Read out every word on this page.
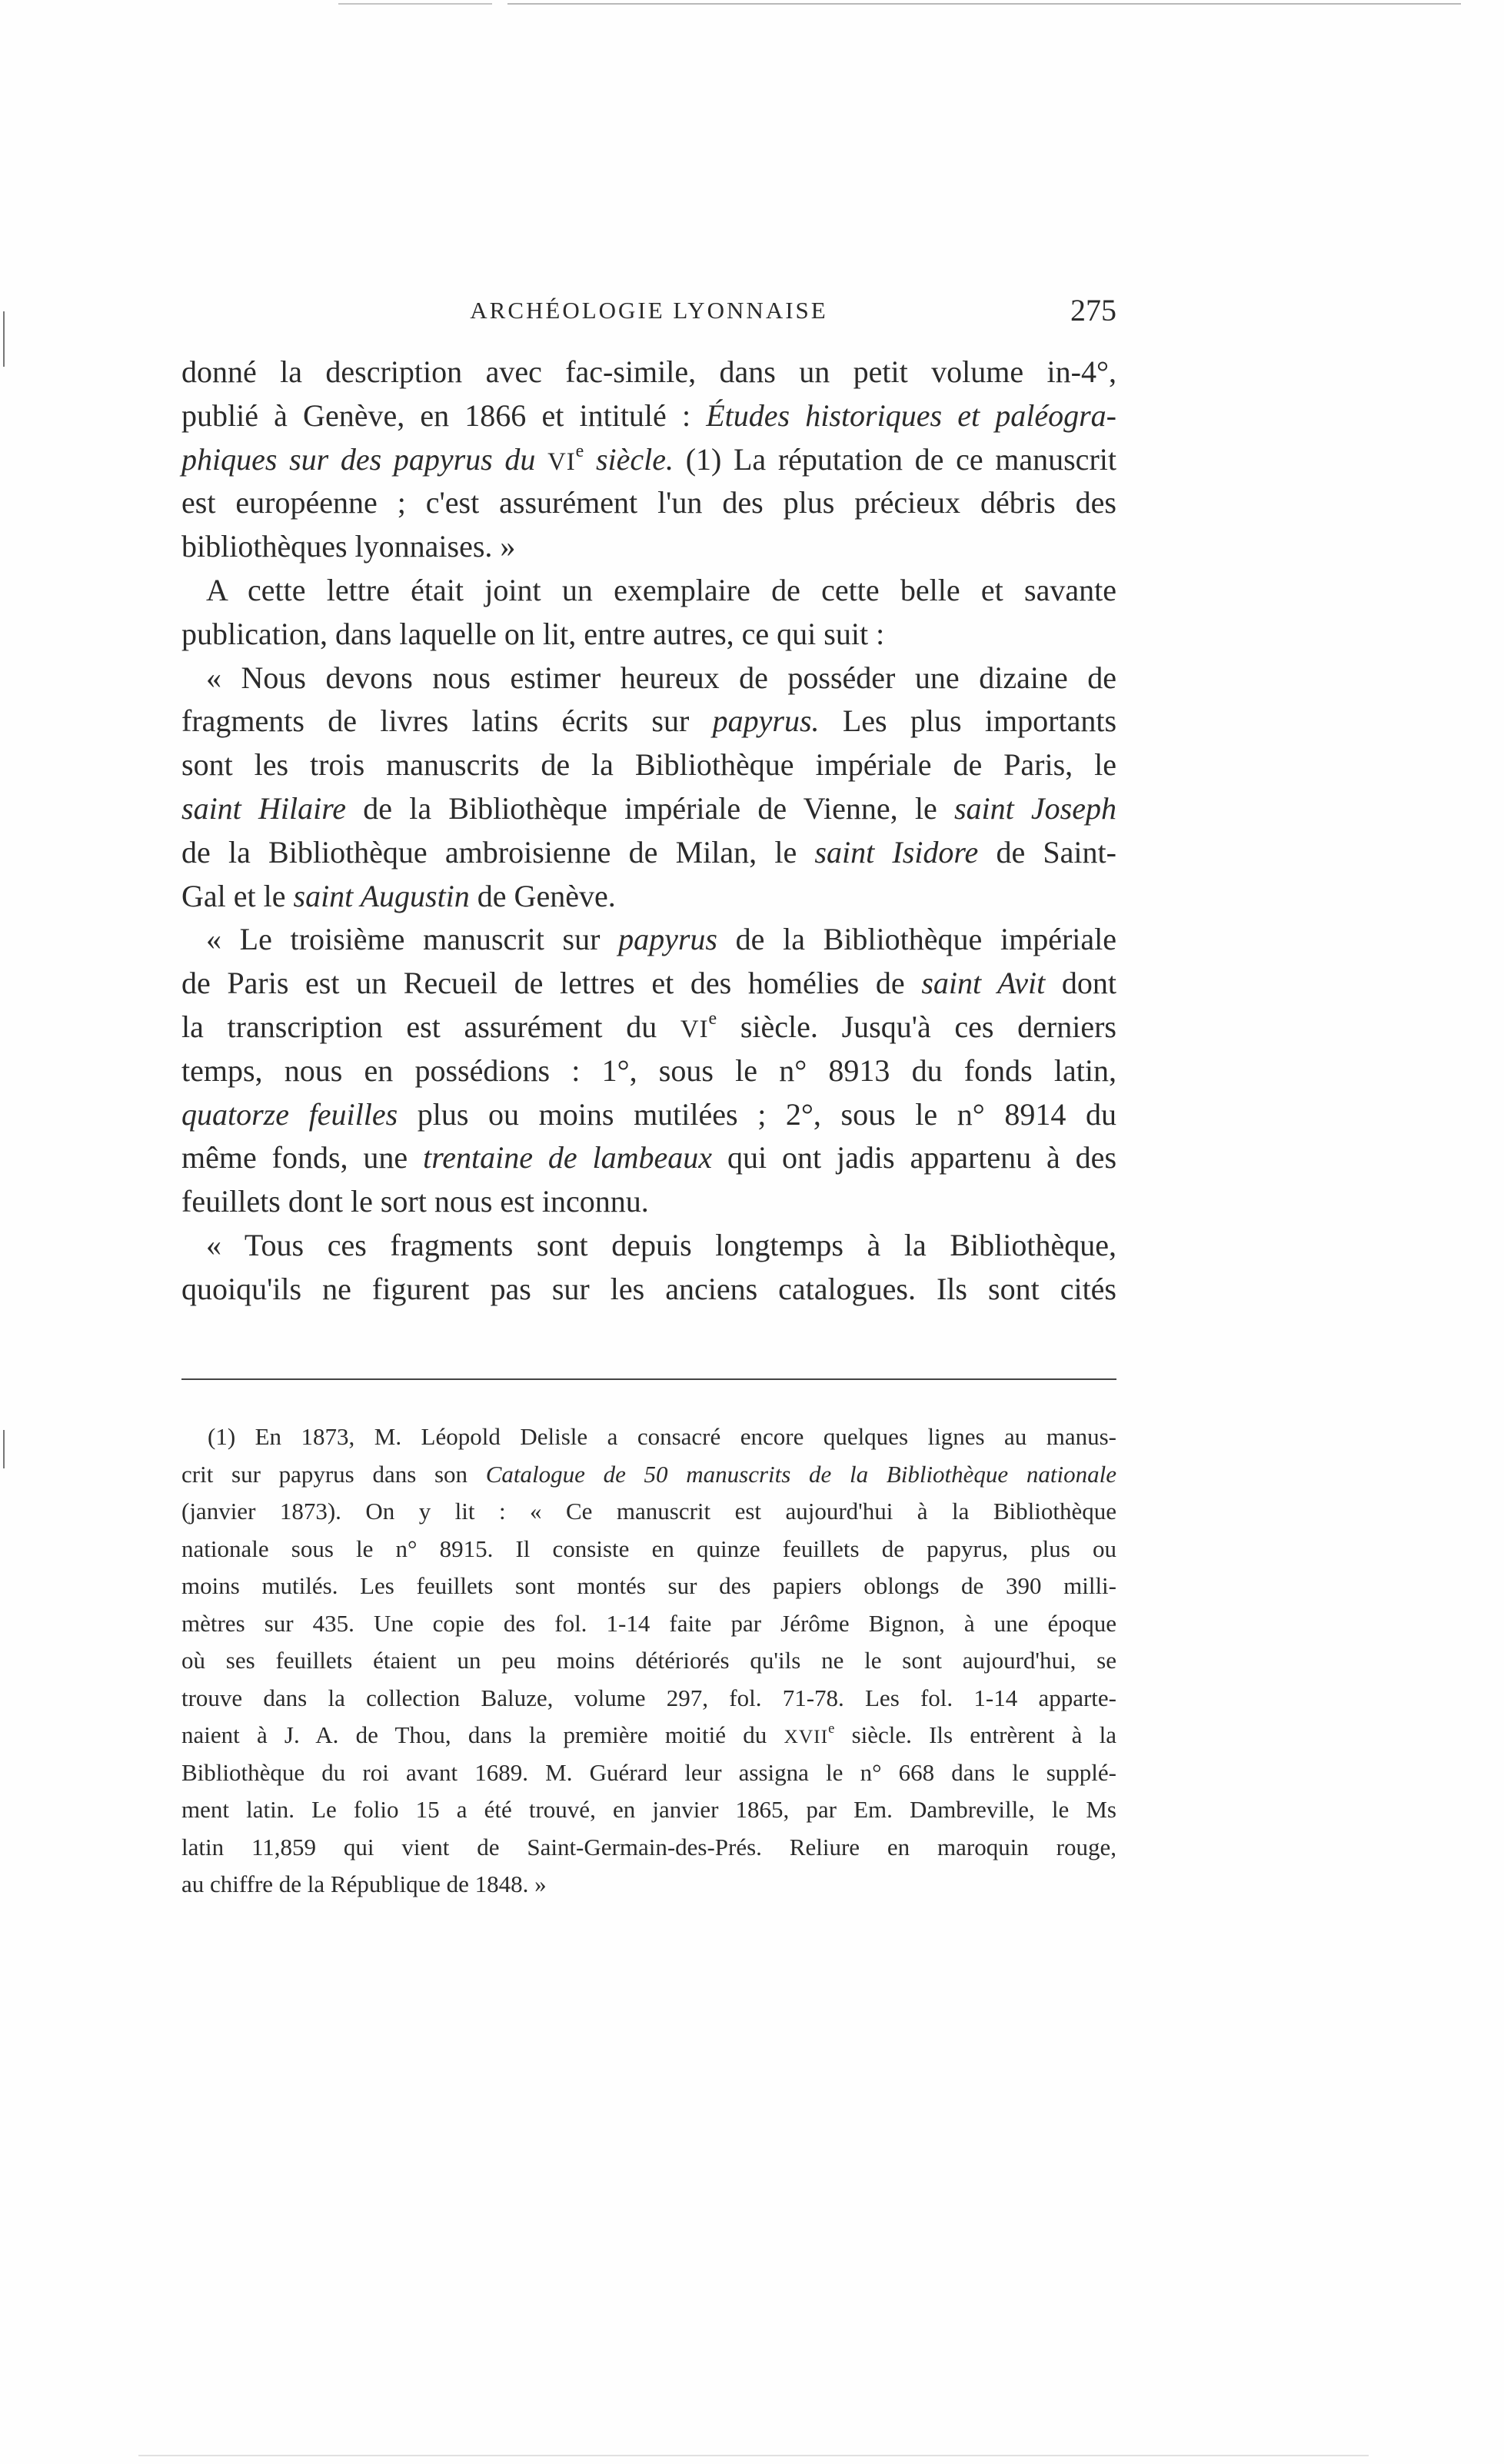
ARCHÉOLOGIE LYONNAISE	275
donné la description avec fac-simile, dans un petit volume in-4°,
publié à Genève, en 1866 et intitulé : Études historiques et paléogra-
phiques sur des papyrus du VIe siècle. (1) La réputation de ce manuscrit
est européenne ; c'est assurément l'un des plus précieux débris des
bibliothèques lyonnaises. »
A cette lettre était joint un exemplaire de cette belle et savante
publication, dans laquelle on lit, entre autres, ce qui suit :
« Nous devons nous estimer heureux de posséder une dizaine de
fragments de livres latins écrits sur papyrus. Les plus importants
sont les trois manuscrits de la Bibliothèque impériale de Paris, le
saint Hilaire de la Bibliothèque impériale de Vienne, le saint Joseph
de la Bibliothèque ambroisienne de Milan, le saint Isidore de Saint-
Gal et le saint Augustin de Genève.
« Le troisième manuscrit sur papyrus de la Bibliothèque impériale
de Paris est un Recueil de lettres et des homélies de saint Avit dont
la transcription est assurément du VIe siècle. Jusqu'à ces derniers
temps, nous en possédions : 1°, sous le n° 8913 du fonds latin,
quatorze feuilles plus ou moins mutilées ; 2°, sous le n° 8914 du
même fonds, une trentaine de lambeaux qui ont jadis appartenu à des
feuillets dont le sort nous est inconnu.
« Tous ces fragments sont depuis longtemps à la Bibliothèque,
quoiqu'ils ne figurent pas sur les anciens catalogues. Ils sont cités
(1) En 1873, M. Léopold Delisle a consacré encore quelques lignes au manus-
crit sur papyrus dans son Catalogue de 50 manuscrits de la Bibliothèque nationale
(janvier 1873). On y lit : « Ce manuscrit est aujourd'hui à la Bibliothèque
nationale sous le n° 8915. Il consiste en quinze feuillets de papyrus, plus ou
moins mutilés. Les feuillets sont montés sur des papiers oblongs de 390 milli-
mètres sur 435. Une copie des fol. 1-14 faite par Jérôme Bignon, à une époque
où ses feuillets étaient un peu moins détériorés qu'ils ne le sont aujourd'hui, se
trouve dans la collection Baluze, volume 297, fol. 71-78. Les fol. 1-14 apparte-
naient à J. A. de Thou, dans la première moitié du XVIIe siècle. Ils entrèrent à la
Bibliothèque du roi avant 1689. M. Guérard leur assigna le n° 668 dans le supplé-
ment latin. Le folio 15 a été trouvé, en janvier 1865, par Em. Dambreville, le Ms
latin 11,859 qui vient de Saint-Germain-des-Prés. Reliure en maroquin rouge,
au chiffre de la République de 1848. »
